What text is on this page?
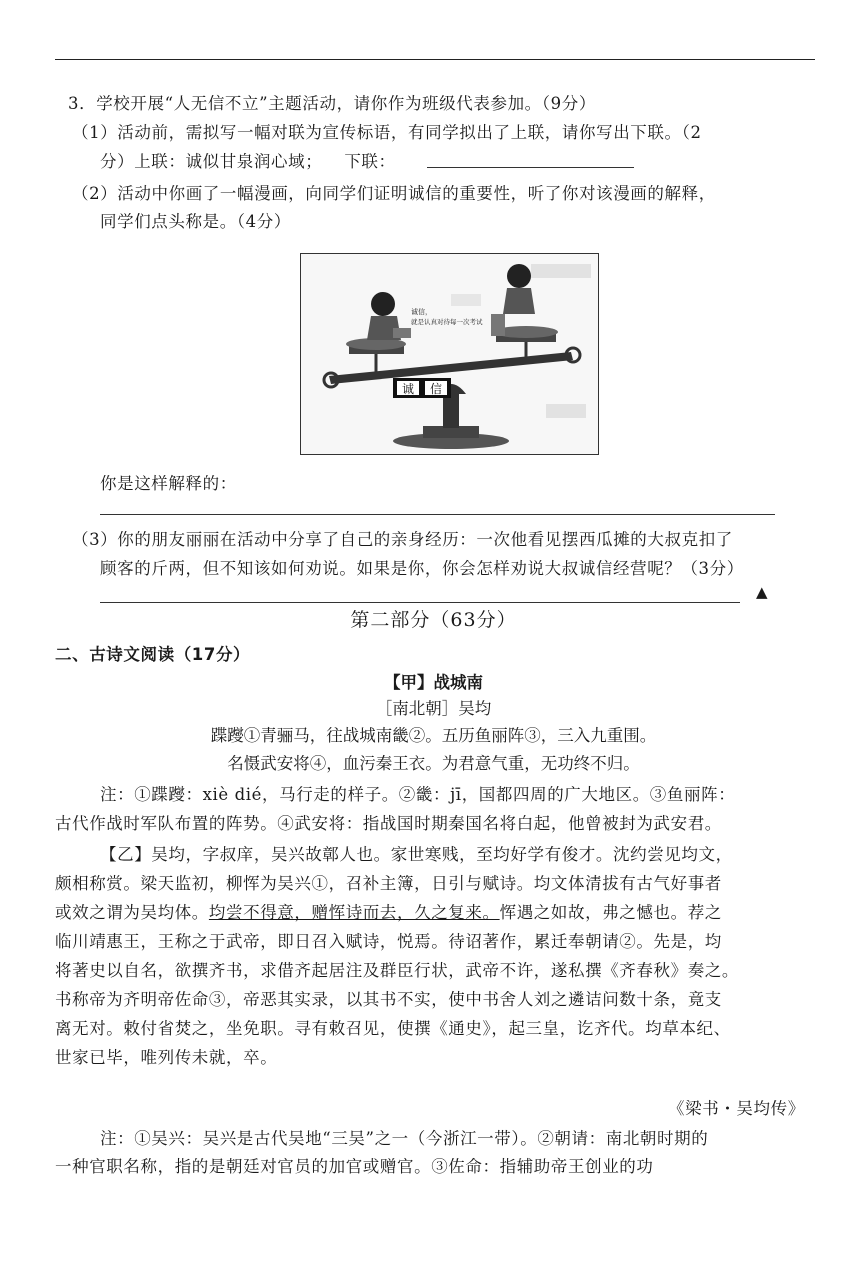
3．学校开展“人无信不立”主题活动，请你作为班级代表参加。（9分）
（1）活动前，需拟写一幅对联为宣传标语，有同学拟出了上联，请你写出下联。（2
分）上联：诚似甘泉润心域； 下联：
（2）活动中你画了一幅漫画，向同学们证明诚信的重要性，听了你对该漫画的解释，
同学们点头称是。（4分）
诚 信
诚信，
就是认真对待每一次考试
你是这样解释的：
（3）你的朋友丽丽在活动中分享了自己的亲身经历：一次他看见摆西瓜摊的大叔克扣了
顾客的斤两，但不知该如何劝说。如果是你，你会怎样劝说大叔诚信经营呢？（3分）
▲
第二部分（63分）
二、古诗文阅读（17分）
【甲】战城南
［南北朝］吴均
蹀躞①青骊马，往战城南畿②。五历鱼丽阵③，三入九重围。
名慑武安将④，血污秦王衣。为君意气重，无功终不归。
注：①蹀躞：xiè dié，马行走的样子。②畿：jī，国都四周的广大地区。③鱼丽阵：
古代作战时军队布置的阵势。④武安将：指战国时期秦国名将白起，他曾被封为武安君。
【乙】吴均，字叔庠，吴兴故鄣人也。家世寒贱，至均好学有俊才。沈约尝见均文，
颇相称赏。梁天监初，柳恽为吴兴①，召补主簿，日引与赋诗。均文体清拔有古气好事者
或效之谓为吴均体。均尝不得意，赠恽诗而去，久之复来。恽遇之如故，弗之憾也。荐之
临川靖惠王，王称之于武帝，即日召入赋诗，悦焉。待诏著作，累迁奉朝请②。先是，均
将著史以自名，欲撰齐书，求借齐起居注及群臣行状，武帝不许，遂私撰《齐春秋》奏之。
书称帝为齐明帝佐命③，帝恶其实录，以其书不实，使中书舍人刘之遴诘问数十条，竟支
离无对。敕付省焚之，坐免职。寻有敕召见，使撰《通史》，起三皇，讫齐代。均草本纪、
世家已毕，唯列传未就，卒。
《梁书・吴均传》
注：①吴兴：吴兴是古代吴地“三吴”之一（今浙江一带）。②朝请：南北朝时期的
一种官职名称，指的是朝廷对官员的加官或赠官。③佐命：指辅助帝王创业的功
